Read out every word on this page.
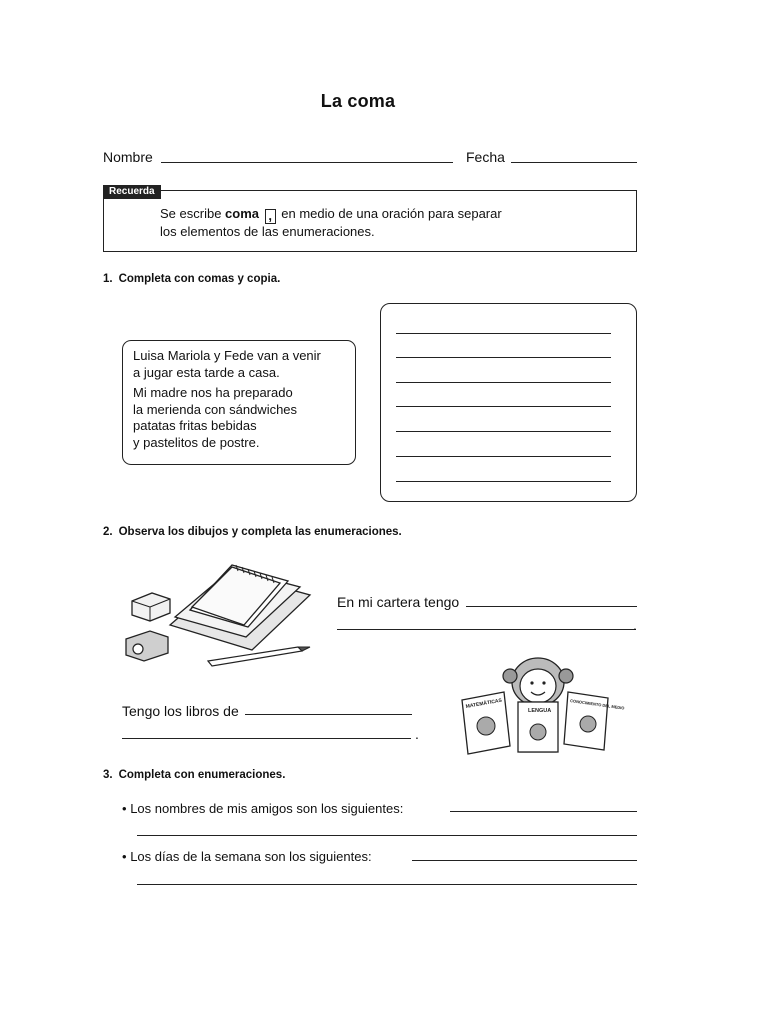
La coma
Nombre	Fecha
Recuerda
Se escribe coma , en medio de una oración para separar
los elementos de las enumeraciones.
1. Completa con comas y copia.

Luisa Mariola y Fede van a venir
a jugar esta tarde a casa.

Mi madre nos ha preparado
la merienda con sándwiches
patatas fritas bebidas
y pastelitos de postre.

2. Observa los dibujos y completa las enumeraciones.
En mi cartera tengo
.
Tengo los libros de
.
MATEMÁTICAS
LENGUA
CONOCIMIENTO DEL MEDIO
3. Completa con enumeraciones.
• Los nombres de mis amigos son los siguientes:
• Los días de la semana son los siguientes:
